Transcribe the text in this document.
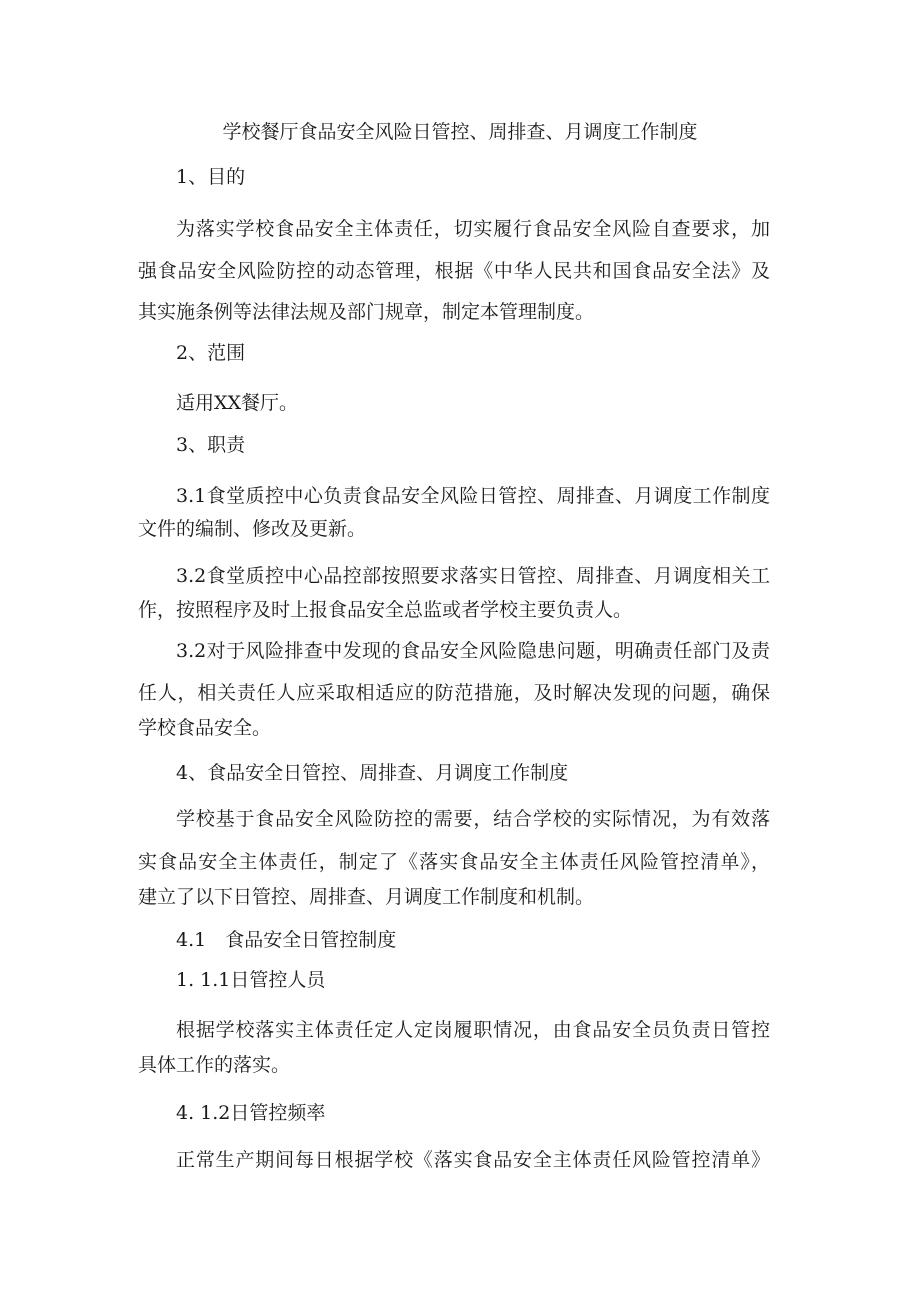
学校餐厅食品安全风险日管控、周排查、月调度工作制度
1、目的
为落实学校食品安全主体责任，切实履行食品安全风险自查要求，加
强食品安全风险防控的动态管理，根据《中华人民共和国食品安全法》及
其实施条例等法律法规及部门规章，制定本管理制度。
2、范围
适用XX餐厅。
3、职责
3.1食堂质控中心负责食品安全风险日管控、周排查、月调度工作制度
文件的编制、修改及更新。
3.2食堂质控中心品控部按照要求落实日管控、周排查、月调度相关工
作，按照程序及时上报食品安全总监或者学校主要负责人。
3.2对于风险排查中发现的食品安全风险隐患问题，明确责任部门及责
任人，相关责任人应采取相适应的防范措施，及时解决发现的问题，确保
学校食品安全。
4、食品安全日管控、周排查、月调度工作制度
学校基于食品安全风险防控的需要，结合学校的实际情况，为有效落
实食品安全主体责任，制定了《落实食品安全主体责任风险管控清单》，
建立了以下日管控、周排查、月调度工作制度和机制。
4.1　食品安全日管控制度
1. 1.1日管控人员
根据学校落实主体责任定人定岗履职情况，由食品安全员负责日管控
具体工作的落实。
4. 1.2日管控频率
正常生产期间每日根据学校《落实食品安全主体责任风险管控清单》
